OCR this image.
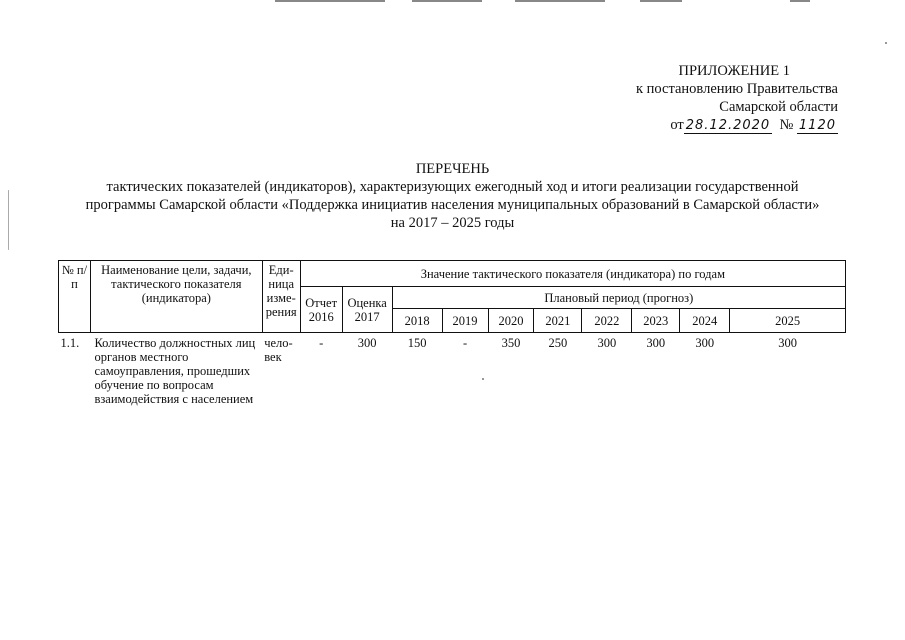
ПРИЛОЖЕНИЕ 1
к постановлению Правительства
Самарской области
от 28.12.2020 № 1120
ПЕРЕЧЕНЬ
тактических показателей (индикаторов), характеризующих ежегодный ход и итоги реализации государственной
программы Самарской области «Поддержка инициатив населения муниципальных образований в Самарской области»
на 2017 – 2025 годы
№ п/п	Наименование цели, задачи, тактического показателя (индикатора)	Еди-ница изме-рения	Значение тактического показателя (индикатора) по годам									
			Отчет 2016	Оценка 2017	Плановый период (прогноз)							
					2018	2019	2020	2021	2022	2023	2024	2025
1.1.	Количество должностных лиц органов местного самоуправления, прошедших обучение по вопросам взаимодействия с населением	чело-век	-	300	150	-	350	250	300	300	300	300
